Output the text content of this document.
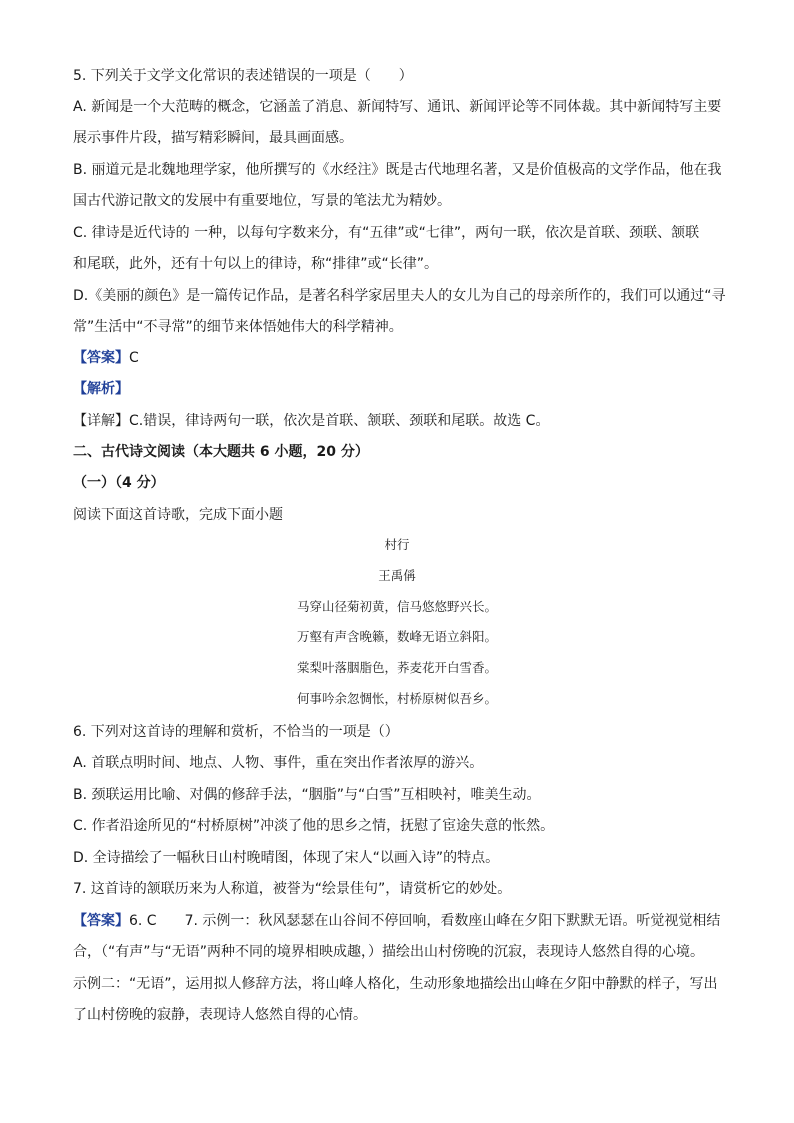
5. 下列关于文学文化常识的表述错误的一项是（　　）
A. 新闻是一个大范畴的概念，它涵盖了消息、新闻特写、通讯、新闻评论等不同体裁。其中新闻特写主要
展示事件片段，描写精彩瞬间，最具画面感。
B. 丽道元是北魏地理学家，他所撰写的《水经注》既是古代地理名著，又是价值极高的文学作品，他在我
国古代游记散文的发展中有重要地位，写景的笔法尤为精妙。
C. 律诗是近代诗的 一种，以每句字数来分，有“五律”或“七律”，两句一联，依次是首联、颈联、颔联
和尾联，此外，还有十句以上的律诗，称“排律”或“长律”。
D.《美丽的颜色》是一篇传记作品，是著名科学家居里夫人的女儿为自己的母亲所作的，我们可以通过“寻
常”生活中“不寻常”的细节来体悟她伟大的科学精神。
【答案】C
【解析】
【详解】C.错误，律诗两句一联，依次是首联、颔联、颈联和尾联。故选 C。
二、古代诗文阅读（本大题共 6 小题，20 分）
（一）（4 分）
阅读下面这首诗歌，完成下面小题
村行
王禹偁
马穿山径菊初黄，信马悠悠野兴长。
万壑有声含晚籁，数峰无语立斜阳。
棠梨叶落胭脂色，荞麦花开白雪香。
何事吟余忽惆怅，村桥原树似吾乡。
6. 下列对这首诗的理解和赏析，不恰当的一项是（）
A. 首联点明时间、地点、人物、事件，重在突出作者浓厚的游兴。
B. 颈联运用比喻、对偶的修辞手法，“胭脂”与“白雪”互相映衬，唯美生动。
C. 作者沿途所见的“村桥原树”冲淡了他的思乡之情，抚慰了宦途失意的怅然。
D. 全诗描绘了一幅秋日山村晚晴图，体现了宋人“以画入诗”的特点。
7. 这首诗的颔联历来为人称道，被誉为“绘景佳句”，请赏析它的妙处。
【答案】6. C　　7. 示例一：秋风瑟瑟在山谷间不停回响，看数座山峰在夕阳下默默无语。听觉视觉相结
合，（“有声”与“无语”两种不同的境界相映成趣，）描绘出山村傍晚的沉寂，表现诗人悠然自得的心境。
示例二：“无语”，运用拟人修辞方法，将山峰人格化，生动形象地描绘出山峰在夕阳中静默的样子，写出
了山村傍晚的寂静，表现诗人悠然自得的心情。
